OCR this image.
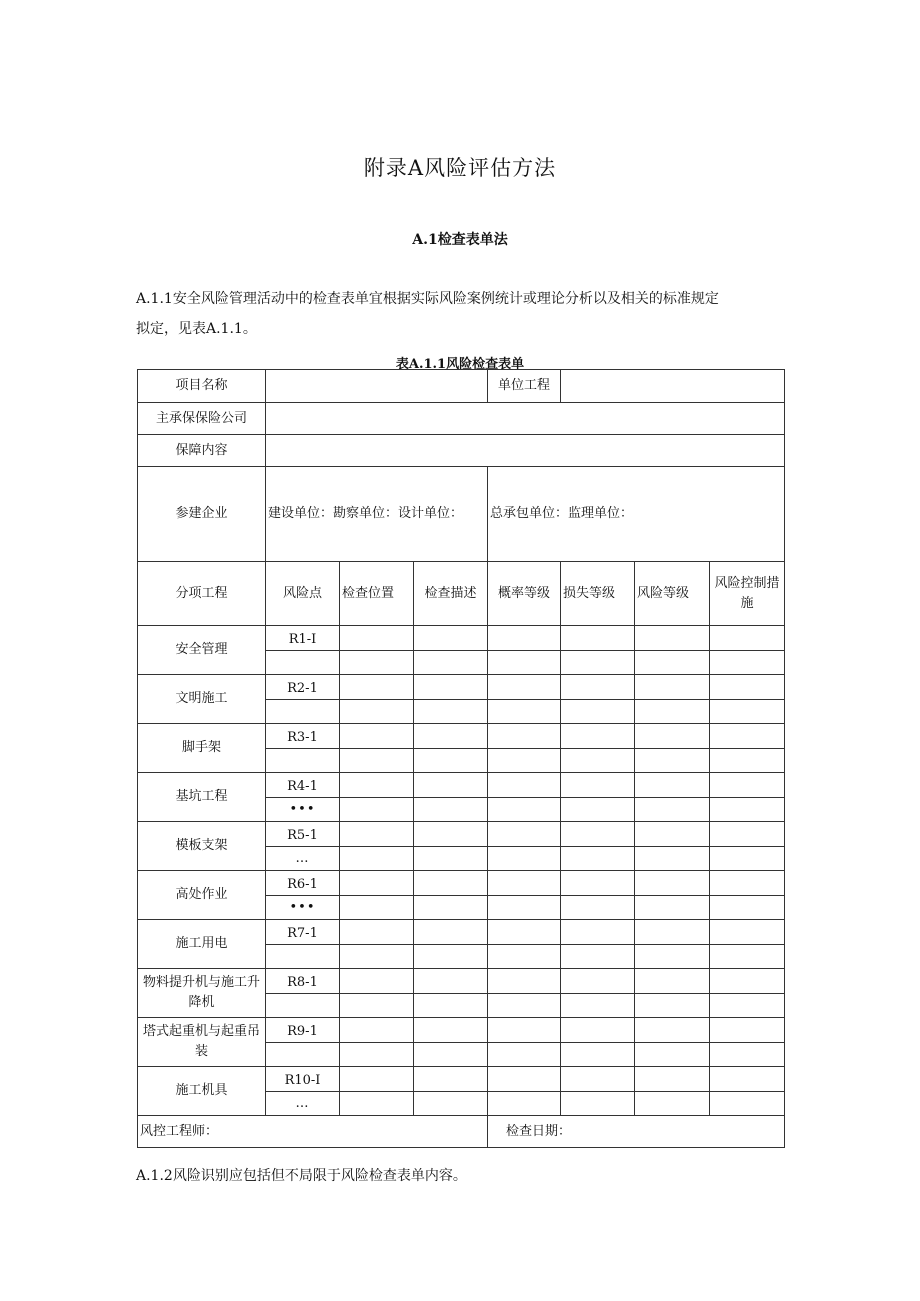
附录A风险评估方法
A.1检查表单法
A.1.1安全风险管理活动中的检查表单宜根据实际风险案例统计或理论分析以及相关的标准规定
拟定，见表A.1.1。
表A.1.1风险检查表单
项目名称				单位工程			
主承保保险公司							
保障内容							
参建企业	建设单位：勘察单位：设计单位：			总承包单位：监理单位：			
分项工程	风险点	检查位置	检查描述	概率等级	损失等级	风险等级	风险控制措施
安全管理	R1-I						

文明施工	R2-1						

脚手架	R3-1						

基坑工程	R4-1						
	•••						
模板支架	R5-1						
	…						
高处作业	R6-1						
	•••						
施工用电	R7-1						

物料提升机与施工升降机	R8-1						

塔式起重机与起重吊装	R9-1						

施工机具	R10-I						
	…						
风控工程师：				检查日期：			
A.1.2风险识别应包括但不局限于风险检查表单内容。
